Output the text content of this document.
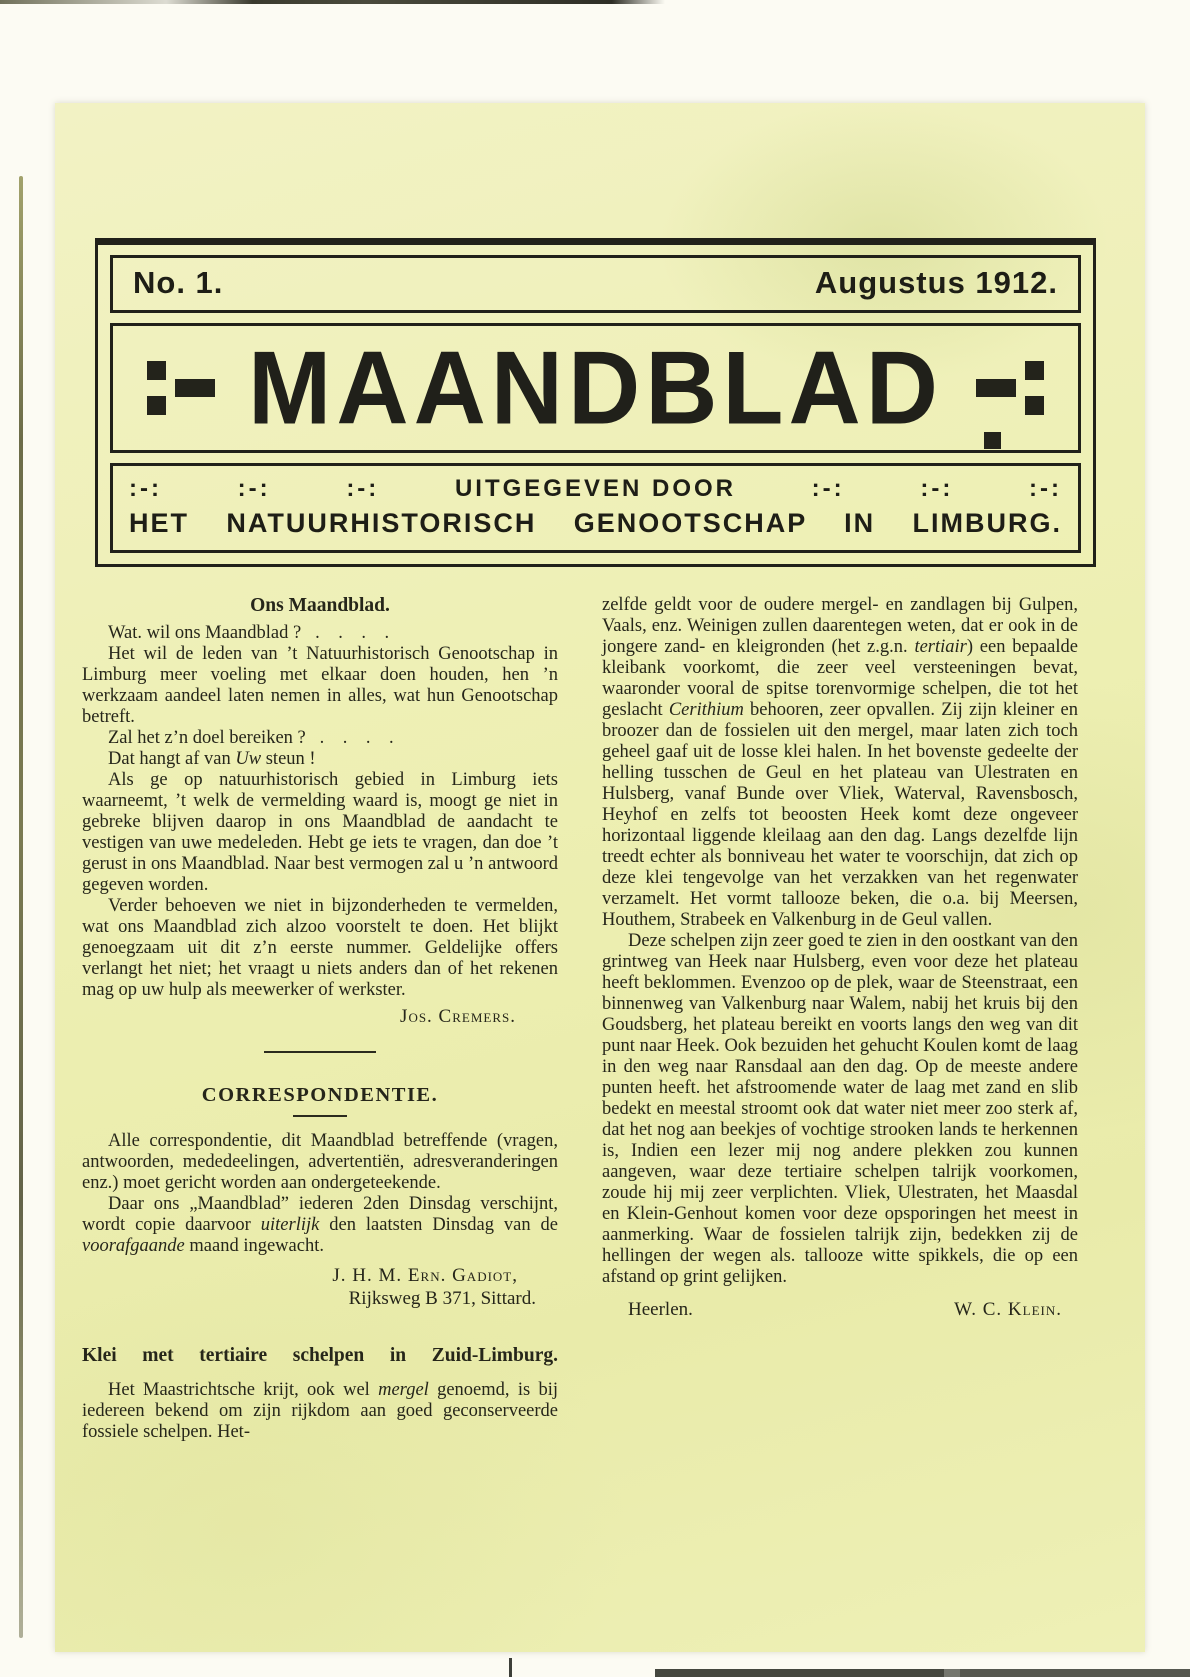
No. 1.	Augustus 1912.
MAANDBLAD
:-:	:-:	:-:	UITGEGEVEN DOOR	:-:	:-:	:-:
HET NATUURHISTORISCH GENOOTSCHAP IN LIMBURG.
Ons Maandblad.
Wat. wil ons Maandblad ?   .    .    .    .
Het wil de leden van ’t Natuurhistorisch Genootschap in Limburg meer voeling met elkaar doen houden, hen ’n werkzaam aandeel laten nemen in alles, wat hun Genootschap betreft.
Zal het z’n doel bereiken ?   .    .    .    .
Dat hangt af van Uw steun !
Als ge op natuurhistorisch gebied in Limburg iets waarneemt, ’t welk de vermelding waard is, moogt ge niet in gebreke blijven daarop in ons Maandblad de aandacht te vestigen van uwe medeleden. Hebt ge iets te vragen, dan doe ’t gerust in ons Maandblad. Naar best vermogen zal u ’n antwoord gegeven worden.
Verder behoeven we niet in bijzonderheden te vermelden, wat ons Maandblad zich alzoo voorstelt te doen. Het blijkt genoegzaam uit dit z’n eerste nummer. Geldelijke offers verlangt het niet; het vraagt u niets anders dan of het rekenen mag op uw hulp als meewerker of werkster.
Jos. Cremers.
CORRESPONDENTIE.
Alle correspondentie, dit Maandblad betreffende (vragen, antwoorden, mededeelingen, advertentiën, adresveranderingen enz.) moet gericht worden aan ondergeteekende.
Daar ons „Maandblad” iederen 2den Dinsdag verschijnt, wordt copie daarvoor uiterlijk den laatsten Dinsdag van de voorafgaande maand ingewacht.
J. H. M. Ern. Gadiot,
Rijksweg B 371, Sittard.
Klei met tertiaire schelpen in Zuid-Limburg.
Het Maastrichtsche krijt, ook wel mergel genoemd, is bij iedereen bekend om zijn rijkdom aan goed geconserveerde fossiele schelpen. Het-
zelfde geldt voor de oudere mergel- en zandlagen bij Gulpen, Vaals, enz. Weinigen zullen daarentegen weten, dat er ook in de jongere zand- en kleigronden (het z.g.n. tertiair) een bepaalde kleibank voorkomt, die zeer veel versteeningen bevat, waaronder vooral de spitse torenvormige schelpen, die tot het geslacht Cerithium behooren, zeer opvallen. Zij zijn kleiner en broozer dan de fossielen uit den mergel, maar laten zich toch geheel gaaf uit de losse klei halen. In het bovenste gedeelte der helling tusschen de Geul en het plateau van Ulestraten en Hulsberg, vanaf Bunde over Vliek, Waterval, Ravensbosch, Heyhof en zelfs tot beoosten Heek komt deze ongeveer horizontaal liggende kleilaag aan den dag. Langs dezelfde lijn treedt echter als bonniveau het water te voorschijn, dat zich op deze klei tengevolge van het verzakken van het regenwater verzamelt. Het vormt tallooze beken, die o.a. bij Meersen, Houthem, Strabeek en Valkenburg in de Geul vallen.
Deze schelpen zijn zeer goed te zien in den oostkant van den grintweg van Heek naar Hulsberg, even voor deze het plateau heeft beklommen. Evenzoo op de plek, waar de Steenstraat, een binnenweg van Valkenburg naar Walem, nabij het kruis bij den Goudsberg, het plateau bereikt en voorts langs den weg van dit punt naar Heek. Ook bezuiden het gehucht Koulen komt de laag in den weg naar Ransdaal aan den dag. Op de meeste andere punten heeft. het afstroomende water de laag met zand en slib bedekt en meestal stroomt ook dat water niet meer zoo sterk af, dat het nog aan beekjes of vochtige strooken lands te herkennen is, Indien een lezer mij nog andere plekken zou kunnen aangeven, waar deze tertiaire schelpen talrijk voorkomen, zoude hij mij zeer verplichten. Vliek, Ulestraten, het Maasdal en Klein-Genhout komen voor deze opsporingen het meest in aanmerking. Waar de fossielen talrijk zijn, bedekken zij de hellingen der wegen als. tallooze witte spikkels, die op een afstand op grint gelijken.
Heerlen.	W. C. Klein.
